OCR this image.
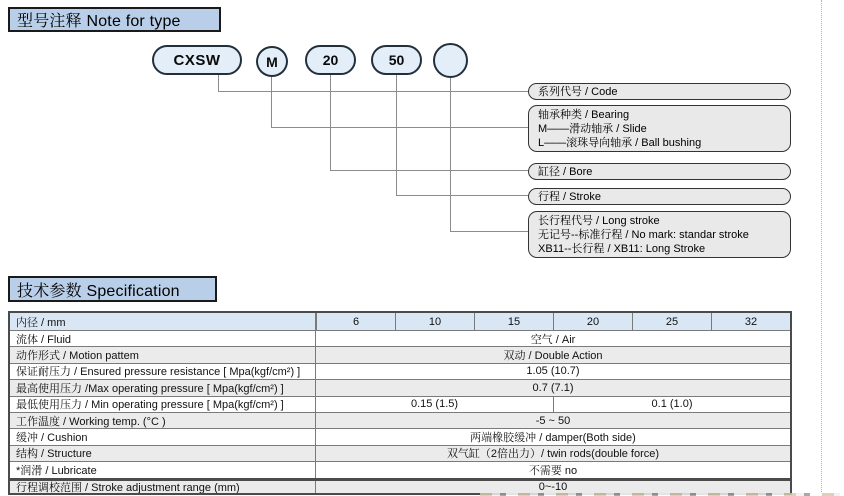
型号注释 Note for type
CXSW	M	20	50
系列代号 / Code
轴承种类 / Bearing
M——滑动轴承 / Slide
L——滚珠导向轴承 / Ball bushing
缸径 / Bore
行程 / Stroke
长行程代号 / Long stroke
无记号--标准行程 / No mark: standar stroke
XB11--长行程 / XB11: Long Stroke
技术参数 Specification
内径 / mm	6	10	15	20	25	32
流体 / Fluid	空气 / Air
动作形式 / Motion pattem	双动 / Double Action
保证耐压力 / Ensured pressure resistance [ Mpa(kgf/cm²) ]	1.05 (10.7)
最高使用压力 /Max operating pressure [ Mpa(kgf/cm²) ]	0.7 (7.1)
最低使用压力 / Min operating pressure [ Mpa(kgf/cm²) ]	0.15 (1.5)	0.1 (1.0)
工作温度 / Working temp. (°C )	-5 ~ 50
缓冲 / Cushion	两端橡胶缓冲 / damper(Both side)
结构 / Structure	双气缸（2倍出力）/ twin rods(double force)
*润滑 / Lubricate	不需要 no
行程调校范围 / Stroke adjustment range (mm)	0~-10
